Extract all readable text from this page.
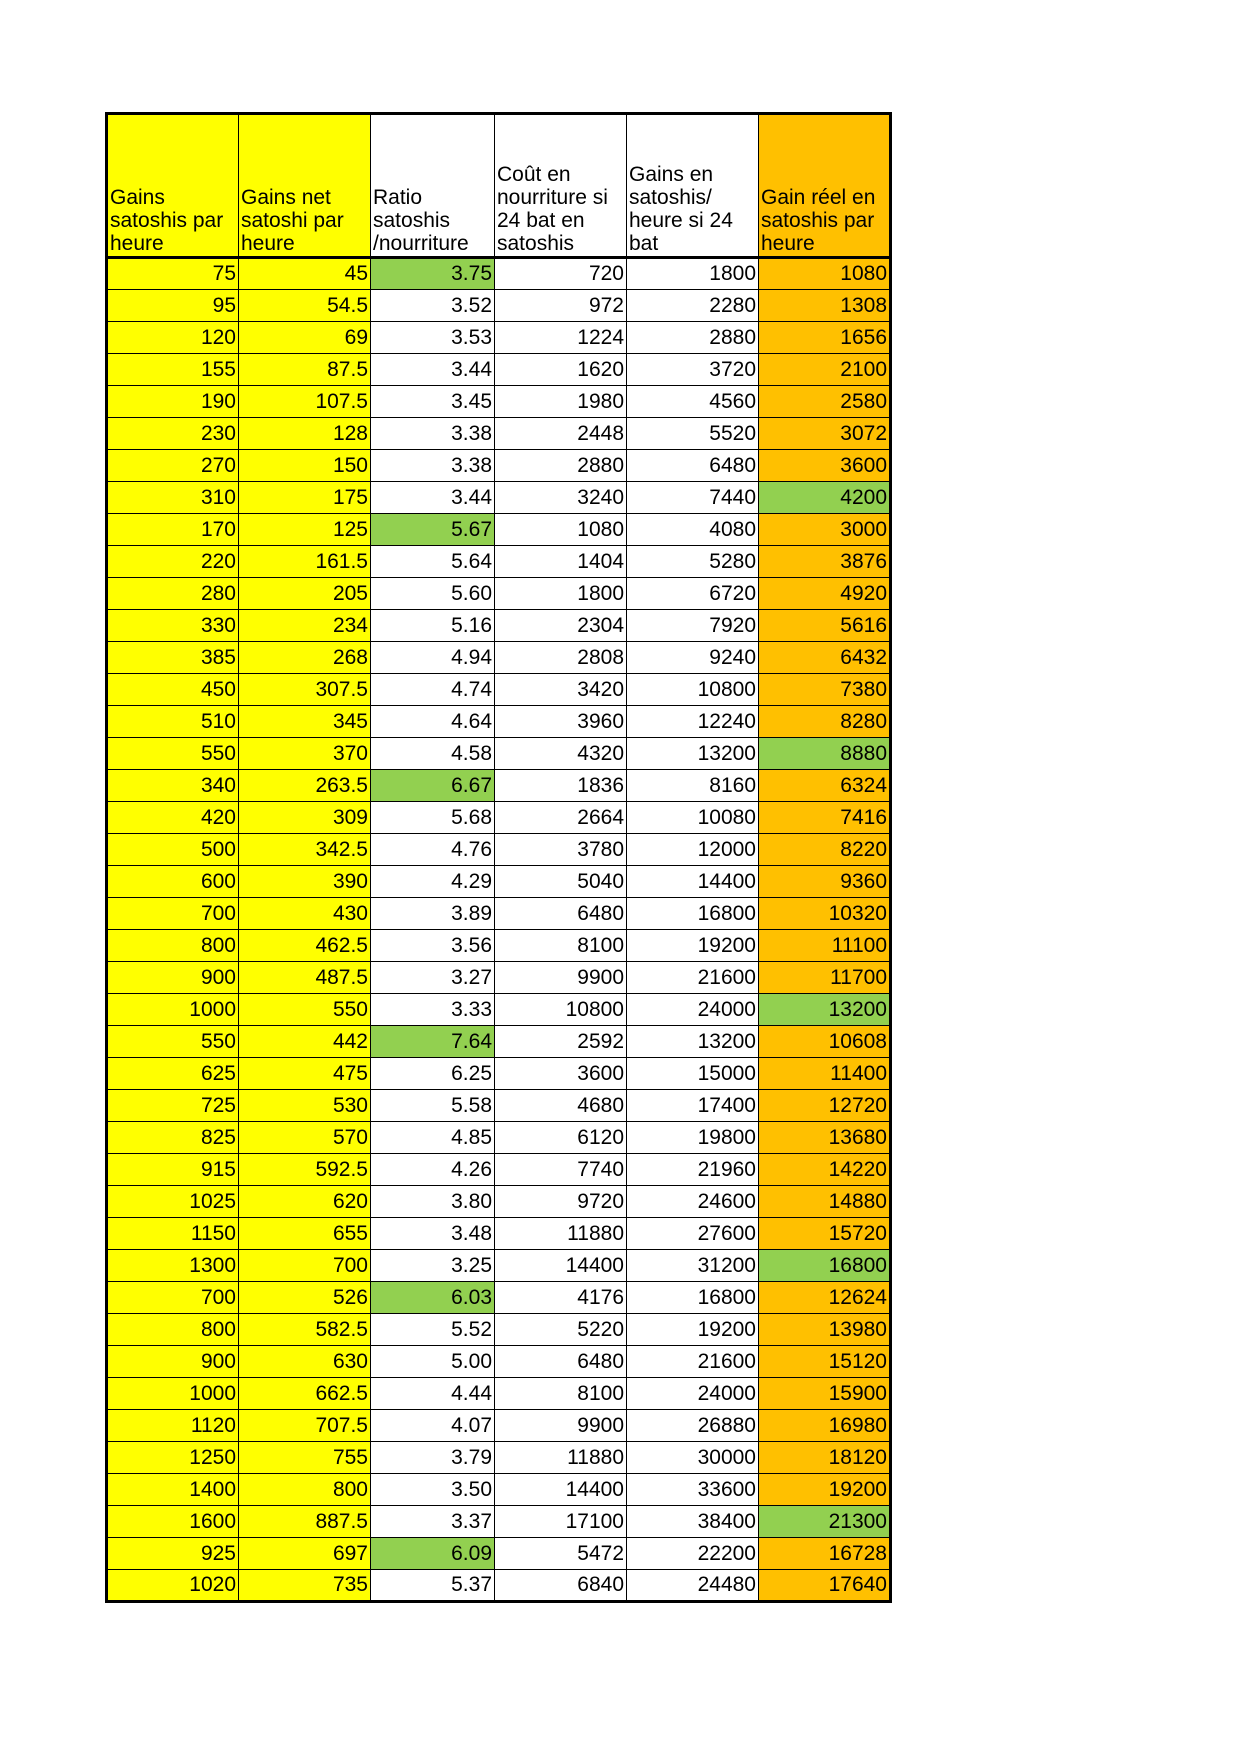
Gains satoshis par heure	Gains net satoshi par heure	Ratio satoshis /nourriture	Coût en nourriture si 24 bat en satoshis	Gains en satoshis/ heure si 24 bat	Gain réel en satoshis par heure
75	45	3.75	720	1800	1080
95	54.5	3.52	972	2280	1308
120	69	3.53	1224	2880	1656
155	87.5	3.44	1620	3720	2100
190	107.5	3.45	1980	4560	2580
230	128	3.38	2448	5520	3072
270	150	3.38	2880	6480	3600
310	175	3.44	3240	7440	4200
170	125	5.67	1080	4080	3000
220	161.5	5.64	1404	5280	3876
280	205	5.60	1800	6720	4920
330	234	5.16	2304	7920	5616
385	268	4.94	2808	9240	6432
450	307.5	4.74	3420	10800	7380
510	345	4.64	3960	12240	8280
550	370	4.58	4320	13200	8880
340	263.5	6.67	1836	8160	6324
420	309	5.68	2664	10080	7416
500	342.5	4.76	3780	12000	8220
600	390	4.29	5040	14400	9360
700	430	3.89	6480	16800	10320
800	462.5	3.56	8100	19200	11100
900	487.5	3.27	9900	21600	11700
1000	550	3.33	10800	24000	13200
550	442	7.64	2592	13200	10608
625	475	6.25	3600	15000	11400
725	530	5.58	4680	17400	12720
825	570	4.85	6120	19800	13680
915	592.5	4.26	7740	21960	14220
1025	620	3.80	9720	24600	14880
1150	655	3.48	11880	27600	15720
1300	700	3.25	14400	31200	16800
700	526	6.03	4176	16800	12624
800	582.5	5.52	5220	19200	13980
900	630	5.00	6480	21600	15120
1000	662.5	4.44	8100	24000	15900
1120	707.5	4.07	9900	26880	16980
1250	755	3.79	11880	30000	18120
1400	800	3.50	14400	33600	19200
1600	887.5	3.37	17100	38400	21300
925	697	6.09	5472	22200	16728
1020	735	5.37	6840	24480	17640
